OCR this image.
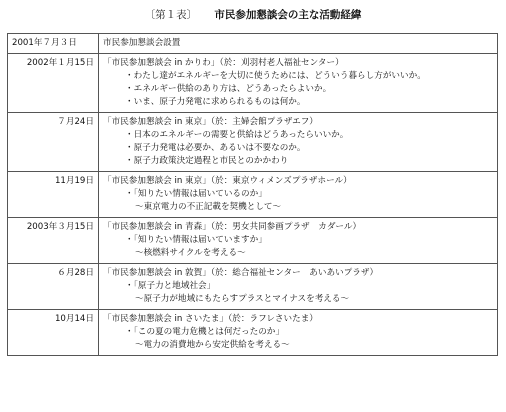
〔第１表〕 市民参加懇談会の主な活動経緯
2001年７月３日	市民参加懇談会設置

2002年１月15日	「市民参加懇談会 in かりわ」（於：刈羽村老人福祉センター）
・わたし達がエネルギーを大切に使うためには、どういう暮らし方がいいか。
・エネルギー供給のあり方は、どうあったらよいか。
・いま、原子力発電に求められるものは何か。

７月24日	「市民参加懇談会 in 東京」（於：主婦会館プラザエフ）
・日本のエネルギーの需要と供給はどうあったらいいか。
・原子力発電は必要か、あるいは不要なのか。
・原子力政策決定過程と市民とのかかわり

11月19日	「市民参加懇談会 in 東京」（於：東京ウィメンズプラザホール）
・「知りたい情報は届いているのか」
～東京電力の不正記載を契機として～

2003年３月15日	「市民参加懇談会 in 青森」（於：男女共同参画プラザ　カダール）
・「知りたい情報は届いていますか」
～核燃料サイクルを考える～

６月28日	「市民参加懇談会 in 敦賀」（於：総合福祉センター　あいあいプラザ）
・「原子力と地域社会」
～原子力が地域にもたらすプラスとマイナスを考える～

10月14日	「市民参加懇談会 in さいたま」（於：ラフレさいたま）
・「この夏の電力危機とは何だったのか」
～電力の消費地から安定供給を考える～
